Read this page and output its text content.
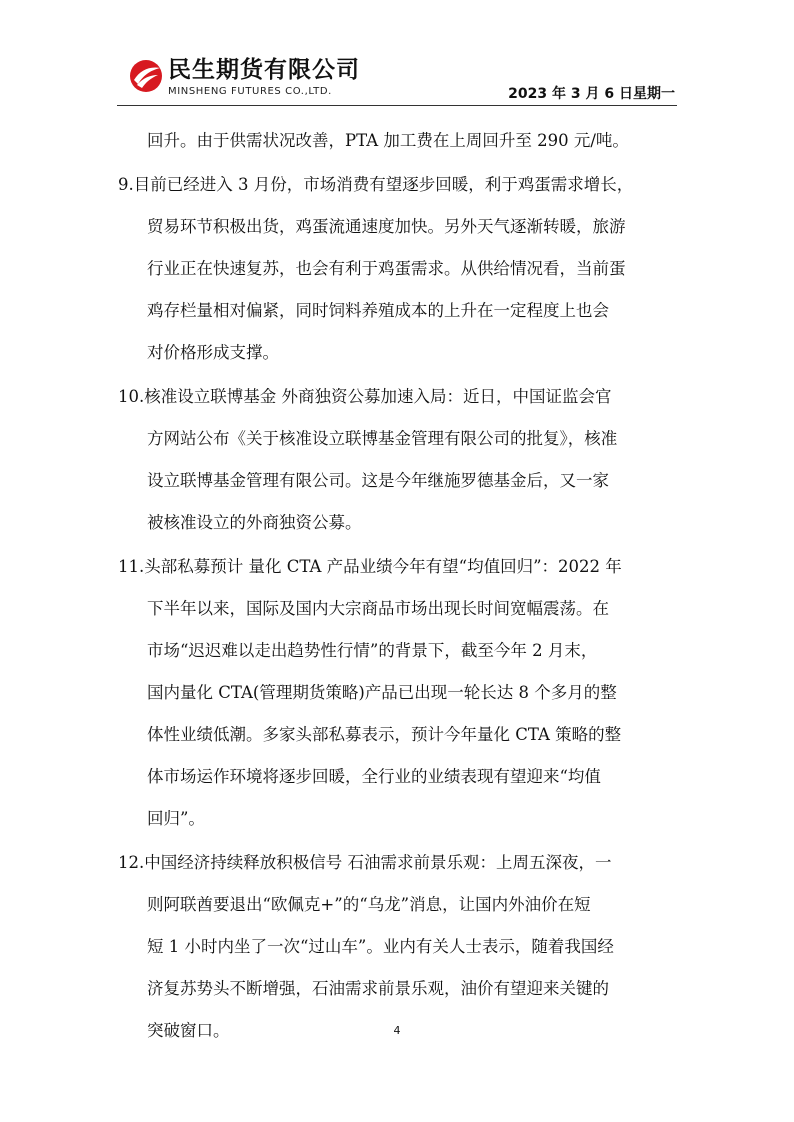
民生期货有限公司
MINSHENG FUTURES CO.,LTD.	2023 年 3 月 6 日星期一
回升。由于供需状况改善，PTA 加工费在上周回升至 290 元/吨。
9.目前已经进入 3 月份，市场消费有望逐步回暖，利于鸡蛋需求增长，
贸易环节积极出货，鸡蛋流通速度加快。另外天气逐渐转暖，旅游
行业正在快速复苏，也会有利于鸡蛋需求。从供给情况看，当前蛋
鸡存栏量相对偏紧，同时饲料养殖成本的上升在一定程度上也会
对价格形成支撑。
10.核准设立联博基金 外商独资公募加速入局：近日，中国证监会官
方网站公布《关于核准设立联博基金管理有限公司的批复》，核准
设立联博基金管理有限公司。这是今年继施罗德基金后，又一家
被核准设立的外商独资公募。
11.头部私募预计 量化 CTA 产品业绩今年有望“均值回归”：2022 年
下半年以来，国际及国内大宗商品市场出现长时间宽幅震荡。在
市场“迟迟难以走出趋势性行情”的背景下，截至今年 2 月末，
国内量化 CTA(管理期货策略)产品已出现一轮长达 8 个多月的整
体性业绩低潮。多家头部私募表示，预计今年量化 CTA 策略的整
体市场运作环境将逐步回暖，全行业的业绩表现有望迎来“均值
回归”。
12.中国经济持续释放积极信号 石油需求前景乐观：上周五深夜，一
则阿联酋要退出“欧佩克+”的“乌龙”消息，让国内外油价在短
短 1 小时内坐了一次“过山车”。业内有关人士表示，随着我国经
济复苏势头不断增强，石油需求前景乐观，油价有望迎来关键的
突破窗口。	4
